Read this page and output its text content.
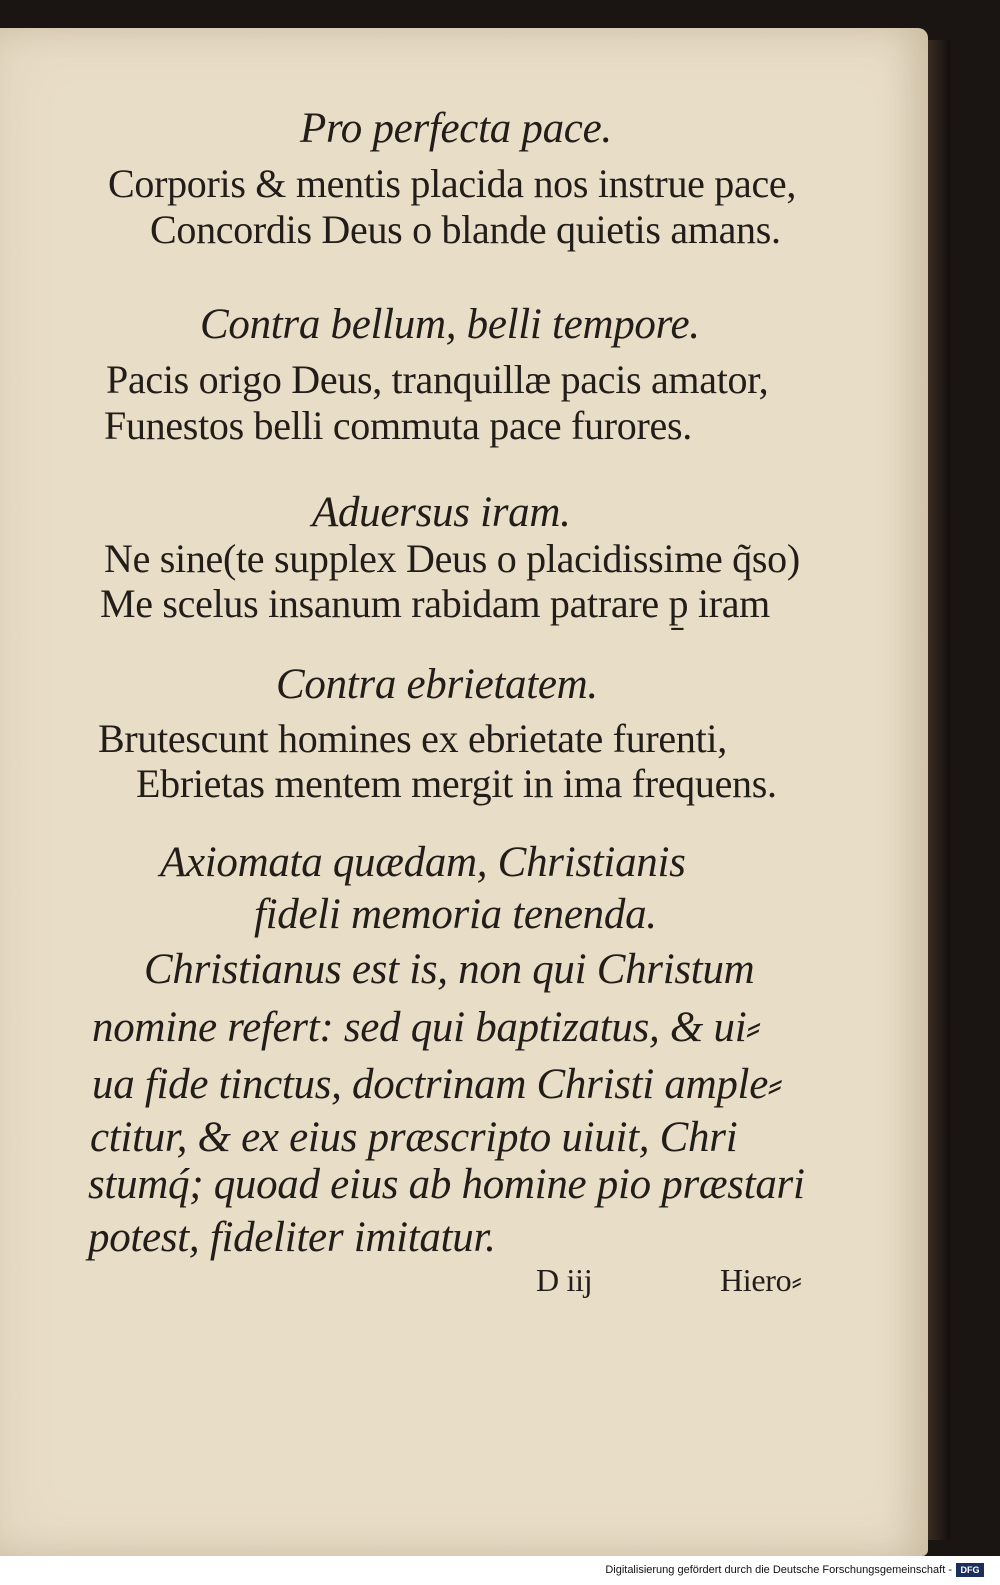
Pro perfecta pace.
Corporis & mentis placida nos instrue pace,
Concordis Deus o blande quietis amans.
Contra bellum, belli tempore.
Pacis origo Deus, tranquillæ pacis amator,
Funestos belli commuta pace furores.
Aduersus iram.
Ne sine(te supplex Deus o placidissime q̃so)
Me scelus insanum rabidam patrare p̱ iram
Contra ebrietatem.
Brutescunt homines ex ebrietate furenti,
Ebrietas mentem mergit in ima frequens.
Axiomata quædam, Christianis
fideli memoria tenenda.
Christianus est is, non qui Christum
nomine refert: sed qui baptizatus, & ui⸗
ua fide tinctus, doctrinam Christi ample⸗
ctitur, & ex eius præscripto uiuit, Chri
stumq́; quoad eius ab homine pio præstari
potest, fideliter imitatur.
D iij	Hiero⸗
Digitalisierung gefördert durch die Deutsche Forschungsgemeinschaft - DFG
